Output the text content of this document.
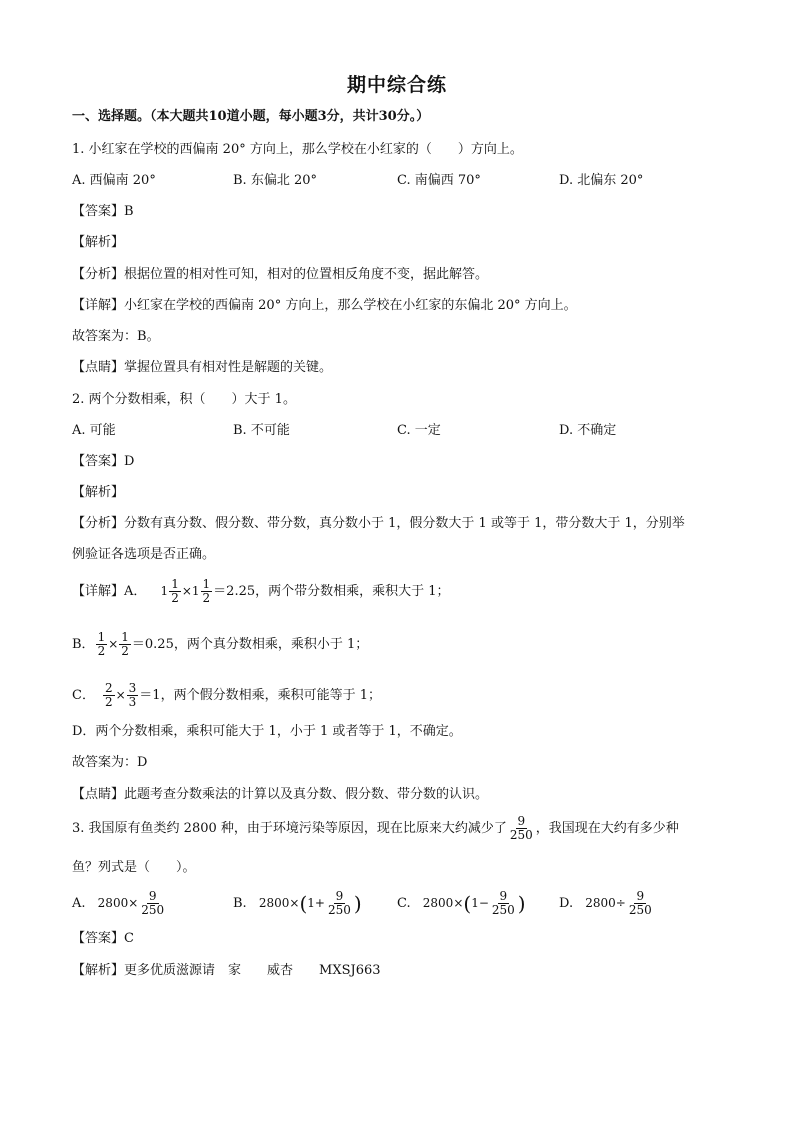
期中综合练
一、选择题。（本大题共10道小题，每小题3分，共计30分。）
1. 小红家在学校的西偏南 20° 方向上，那么学校在小红家的（　　）方向上。
A. 西偏南 20°	B. 东偏北 20°	C. 南偏西 70°	D. 北偏东 20°
【答案】B
【解析】
【分析】根据位置的相对性可知，相对的位置相反角度不变，据此解答。
【详解】小红家在学校的西偏南 20° 方向上，那么学校在小红家的东偏北 20° 方向上。
故答案为：B。
【点睛】掌握位置具有相对性是解题的关键。
2. 两个分数相乘，积（　　）大于 1。
A. 可能	B. 不可能	C. 一定	D. 不确定
【答案】D
【解析】
【分析】分数有真分数、假分数、带分数，真分数小于 1，假分数大于 1 或等于 1，带分数大于 1，分别举
例验证各选项是否正确。
【详解】A． $1 \frac{1}{2} \times 1 \frac{1}{2} =2.25$，两个带分数相乘，乘积大于 1；
B． $\frac{1}{2} \times \frac{1}{2} =0.25$，两个真分数相乘，乘积小于 1；
C． $\frac{2}{2} \times \frac{3}{3} =1$，两个假分数相乘，乘积可能等于 1；
D．两个分数相乘，乘积可能大于 1，小于 1 或者等于 1，不确定。
故答案为：D
【点睛】此题考查分数乘法的计算以及真分数、假分数、带分数的认识。
3. 我国原有鱼类约 2800 种，由于环境污染等原因，现在比原来大约减少了 $\frac{9}{250}$ ，我国现在大约有多少种
鱼？列式是（　　）。
A. $2800\times \frac{9}{250}$	B. $2800\times(1+ \frac{9}{250}$ )	C. $2800\times(1- \frac{9}{250}$ )	D. $2800\div \frac{9}{250}$
【答案】C
【解析】更多优质滋源请　家　　威杏　　MXSJ663
